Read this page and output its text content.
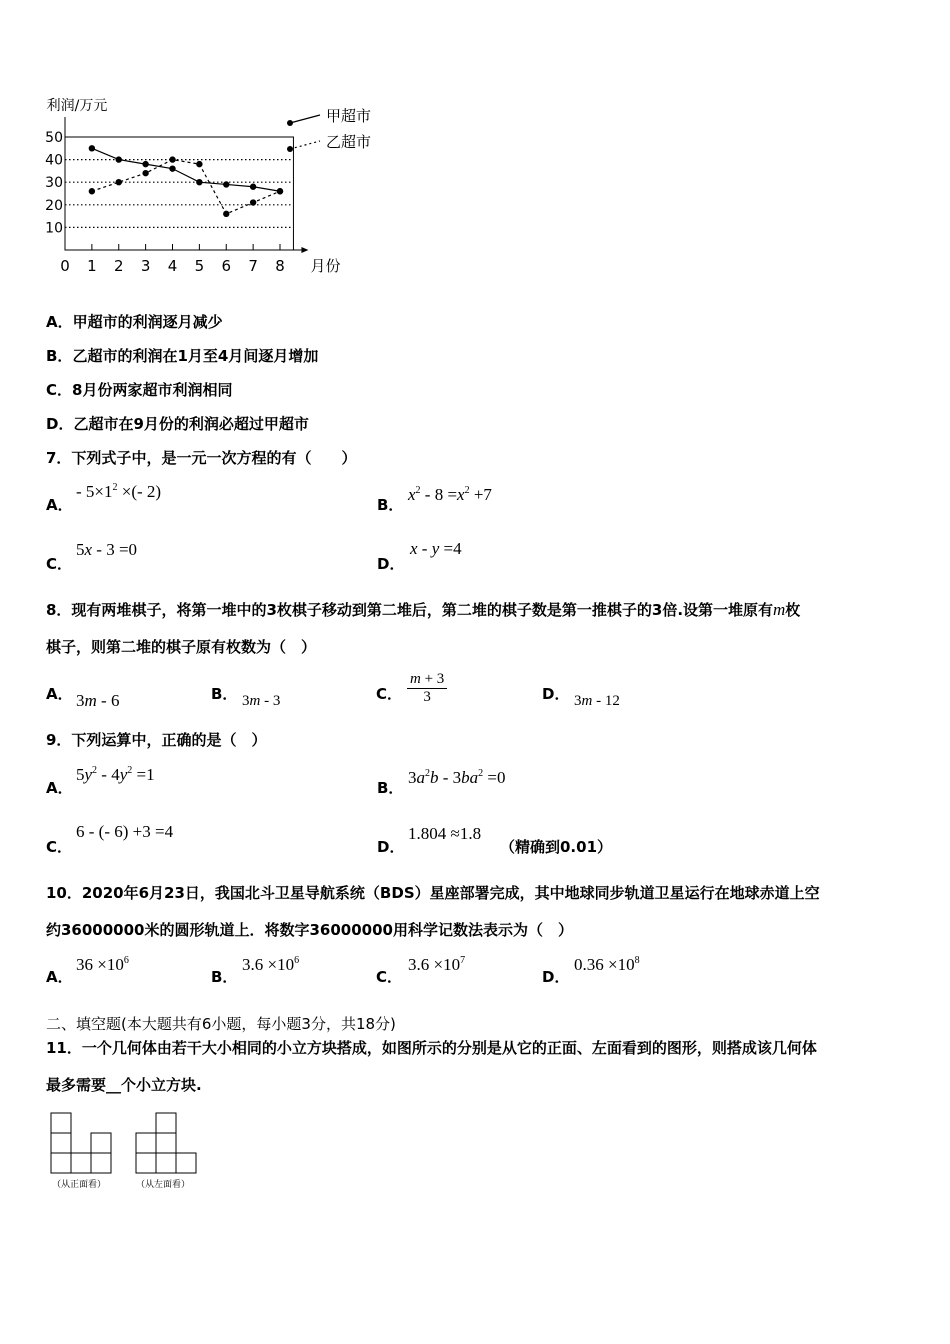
10
20
30
40
50
0 1 2 3 4 5 6 7 8
利润/万元
月份
甲超市
乙超市
A．甲超市的利润逐月减少
B．乙超市的利润在1月至4月间逐月增加
C．8月份两家超市利润相同
D．乙超市在9月份的利润必超过甲超市
7．下列式子中，是一元一次方程的有（　　）
A．
- $5\times 1^2$ ×(- 2)
B．
$x^2 - 8 =x^2 +7$
C．
5x - 3 =0
D．
x - y =4
8．现有两堆棋子，将第一堆中的3枚棋子移动到第二堆后，第二堆的棋子数是第一推棋子的3倍.设第一堆原有m枚
棋子，则第二堆的棋子原有枚数为（　）
A． 3m - 6	B． 3m - 3	C． $\frac{m + 3}{3}$	D． 3m - 12
9．下列运算中，正确的是（　）
A．
$5y^2 - 4y^2 =1$
B．
$3a^2b - 3ba^2 =0$
C．
6 - (- 6) +3 =4
D．
1.804 ≈1.8
（精确到0.01）
10．2020年6月23日，我国北斗卫星导航系统（BDS）星座部署完成，其中地球同步轨道卫星运行在地球赤道上空
约36000000米的圆形轨道上．将数字36000000用科学记数法表示为（　）
A．
$36 \times 10^6$
B．
$3.6 \times 10^6$
C．
$3.6 \times 10^7$
D．
$0.36 \times 10^8$
二、填空题(本大题共有6小题，每小题3分，共18分)
11．一个几何体由若干大小相同的小立方块搭成，如图所示的分别是从它的正面、左面看到的图形，则搭成该几何体
最多需要__个小立方块.
（从正面看）	（从左面看）
